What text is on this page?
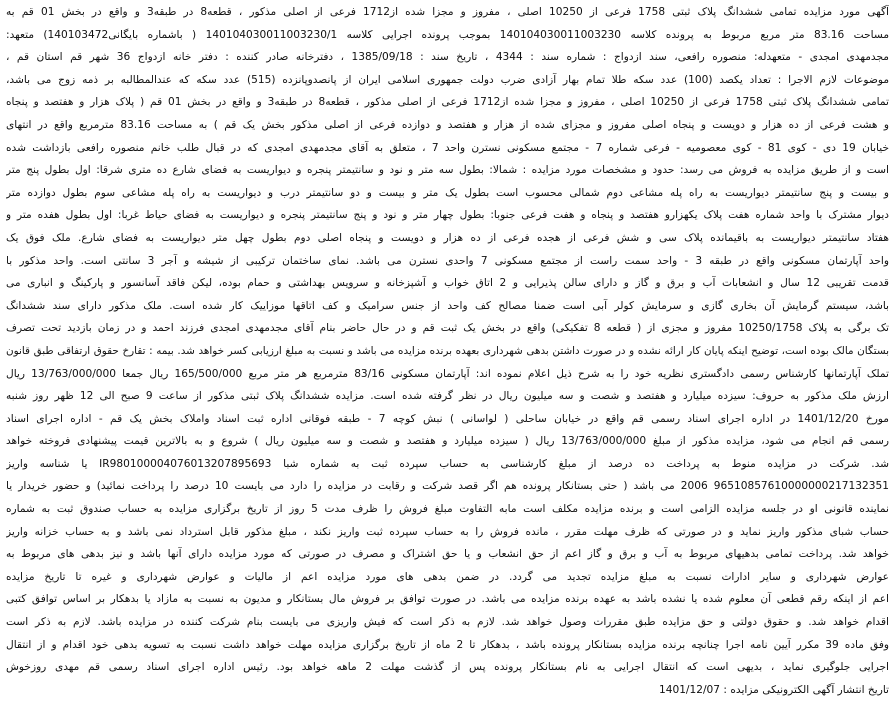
آگهی مورد مزایده تمامی ششدانگ پلاک ثبتی 1758 فرعی از 10250 اصلی ، مفروز و مجزا شده از1712 فرعی از اصلی مذکور ، قطعه8 در طبقه3 و واقع در بخش 01 قم به
مساحت 83.16 متر مربع مربوط به پرونده کلاسه 140104030011003230 بموجب پرونده اجرایی کلاسه 140104030011003230/1 ( باشماره بایگانی140103472) متعهد:
مجدمهدی امجدی - متعهدله: منصوره رافعی، سند ازدواج : شماره سند : 4344 ، تاریخ سند : 1385/09/18 ، دفترخانه صادر کننده : دفتر خانه ازدواج 36 شهر قم استان قم ،
موضوعات لازم الاجرا : تعداد یکصد (100) عدد سکه طلا تمام بهار آزادی ضرب دولت جمهوری اسلامی ایران از پانصدوپانزده (515) عدد سکه که عندالمطالبه بر ذمه زوج می باشد،
تمامی ششدانگ پلاک ثبتی 1758 فرعی از 10250 اصلی ، مفروز و مجزا شده از1712 فرعی از اصلی مذکور ، قطعه8 در طبقه3 و واقع در بخش 01 قم ( پلاک هزار و هفتصد و پنجاه
و هشت فرعی از ده هزار و دویست و پنجاه اصلی مفروز و مجزای شده از هزار و هفتصد و دوازده فرعی از اصلی مذکور بخش یک قم ) به مساحت 83.16 مترمربع واقع در انتهای
خیابان 19 دی - کوی 81 - کوی معصومیه - فرعی شماره 7 - مجتمع مسکونی نسترن واحد 7 ، متعلق به آقای مجدمهدی امجدی که در قبال طلب خانم منصوره رافعی بازداشت شده
است و از طریق مزایده به فروش می رسد: حدود و مشخصات مورد مزایده : شمالا: بطول سه متر و نود و سانتیمتر پنجره و دیواریست به فضای شارع ده متری شرقا: اول بطول پنج متر
و بیست و پنج سانتیمتر دیواریست به راه پله مشاعی دوم شمالی محسوب است بطول یک متر و بیست و دو سانتیمتر درب و دیواریست به راه پله مشاعی سوم بطول دوازده متر
دیوار مشترک با واحد شماره هفت پلاک یکهزارو هفتصد و پنجاه و هفت فرعی جنوبا: بطول چهار متر و نود و پنج سانتیمتر پنجره و دیواریست به فضای حیاط غربا: اول بطول هفده متر و
هفتاد سانتیمتر دیواریست به باقیمانده پلاک سی و شش فرعی از هجده فرعی از ده هزار و دویست و پنجاه اصلی دوم بطول چهل متر دیواریست به فضای شارع. ملک فوق یک
واحد آپارتمان مسکونی واقع در طبقه 3 - واحد سمت راست از مجتمع مسکونی 7 واحدی نسترن می باشد. نمای ساختمان ترکیبی از شیشه و آجر 3 سانتی است. واحد مذکور با
قدمت تقریبی 12 سال و انشعابات آب و برق و گاز و دارای سالن پذیرایی و 2 اتاق خواب و آشپزخانه و سرویس بهداشتی و حمام بوده، لیکن فاقد آسانسور و پارکینگ و انباری می
باشد، سیستم گرمایش آن بخاری گازی و سرمایش کولر آبی است ضمنا مصالح کف واحد از جنس سرامیک و کف اتاقها موزاییک کار شده است. ملک مذکور دارای سند ششدانگ
تک برگی به پلاک 10250/1758 مفروز و مجزی از ( قطعه 8 تفکیکی) واقع در بخش یک ثبت قم و در حال حاضر بنام آقای مجدمهدی امجدی فرزند احمد و در زمان بازدید تحت تصرف
بستگان مالک بوده است، توضیح اینکه پایان کار ارائه نشده و در صورت داشتن بدهی شهرداری بعهده برنده مزایده می باشد و نسبت به مبلغ ارزیابی کسر خواهد شد. بیمه : تقارخ حقوق ارتفاقی طبق قانون
تملک آپارتمانها کارشناس رسمی دادگستری نظریه خود را به شرح ذیل اعلام نموده اند: آپارتمان مسکونی 83/16 مترمربع هر متر مربع 165/500/000 ریال جمعا 13/763/000/000 ریال
ارزش ملک مذکور به حروف: سیزده میلیارد و هفتصد و شصت و سه میلیون ریال در نظر گرفته شده است. مزایده ششدانگ پلاک ثبتی مذکور از ساعت 9 صبح الی 12 ظهر روز شنبه
مورخ 1401/12/20 در اداره اجرای اسناد رسمی قم واقع در خیابان ساحلی ( لواسانی ) نبش کوچه 7 - طبقه فوقانی اداره ثبت اسناد واملاک بخش یک قم - اداره اجرای اسناد
رسمی قم انجام می شود، مزایده مذکور از مبلغ 13/763/000/000 ریال ( سیزده میلیارد و هفتصد و شصت و سه میلیون ریال ) شروع و به بالاترین قیمت پیشنهادی فروخته خواهد
شد. شرکت در مزایده منوط به پرداخت ده درصد از مبلغ کارشناسی به حساب سپرده ثبت به شماره شبا IR980100004076013207895693 یا شناسه واریز
96510857610000000217132351 2006 می باشد ( حتی بستانکار پرونده هم اگر قصد شرکت و رقابت در مزایده را دارد می بایست 10 درصد را پرداخت نمائید) و حضور خریدار یا
نماینده قانونی او در جلسه مزایده الزامی است و برنده مزایده مکلف است مابه التفاوت مبلغ فروش را ظرف مدت 5 روز از تاریخ برگزاری مزایده به حساب صندوق ثبت به شماره
حساب شبای مذکور واریز نماید و در صورتی که ظرف مهلت مقرر ، مانده فروش را به حساب سپرده ثبت واریز نکند ، مبلغ مذکور قابل استرداد نمی باشد و به حساب خزانه واریز
خواهد شد. پرداخت تمامی بدهیهای مربوط به آب و برق و گاز اعم از حق انشعاب و یا حق اشتراک و مصرف در صورتی که مورد مزایده دارای آنها باشد و نیز بدهی های مربوط به
عوارض شهرداری و سایر ادارات نسبت به مبلغ مزایده تجدید می گردد. در ضمن بدهی های مورد مزایده اعم از مالیات و عوارض شهرداری و غیره تا تاریخ مزایده
اعم از اینکه رقم قطعی آن معلوم شده یا نشده باشد به عهده برنده مزایده می باشد. در صورت توافق بر فروش مال بستانکار و مدیون به نسبت به مازاد یا بدهکار بر اساس توافق کتبی
اقدام خواهد شد. و حقوق دولتی و حق مزایده طبق مقررات وصول خواهد شد. لازم به ذکر است که فیش واریزی می بایست بنام شرکت کننده در مزایده باشد. لازم به ذکر است
وفق ماده 39 مکرر آیین نامه اجرا چنانچه برنده مزایده بستانکار پرونده باشد ، بدهکار تا 2 ماه از تاریخ برگزاری مزایده مهلت خواهد داشت نسبت به تسویه بدهی خود اقدام و از انتقال
اجرایی جلوگیری نماید ، بدیهی است که انتقال اجرایی به نام بستانکار پرونده پس از گذشت مهلت 2 ماهه خواهد بود. رئیس اداره اجرای اسناد رسمی قم مهدی روزخوش
تاریخ انتشار آگهی الکترونیکی مزایده : 1401/12/07
